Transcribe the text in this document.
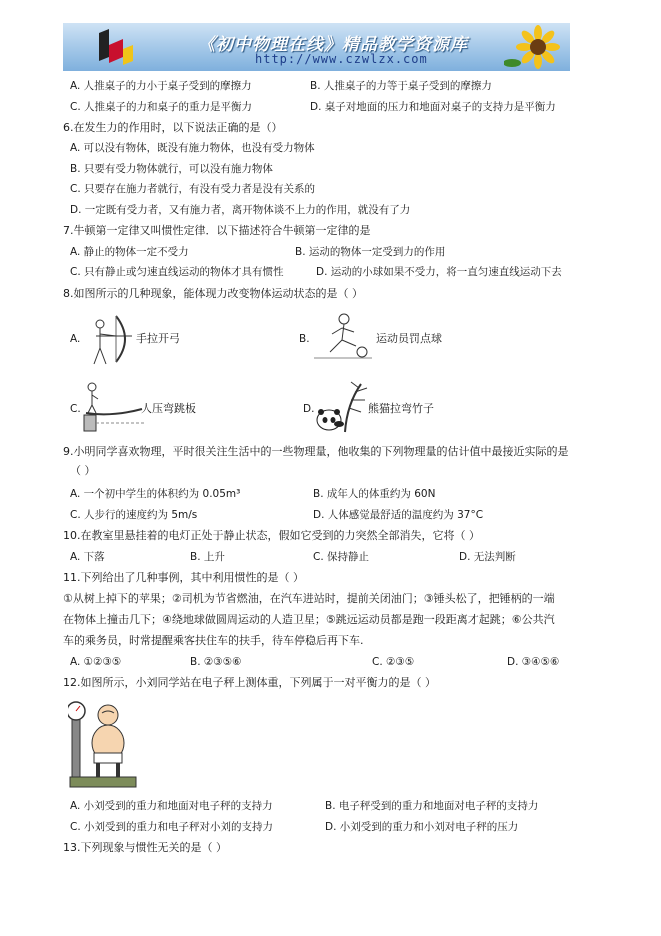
《初中物理在线》精品教学资源库
http://www.czwlzx.com
A. 人推桌子的力小于桌子受到的摩擦力	B. 人推桌子的力等于桌子受到的摩擦力
C. 人推桌子的力和桌子的重力是平衡力	D. 桌子对地面的压力和地面对桌子的支持力是平衡力
6.在发生力的作用时，以下说法正确的是（）
A. 可以没有物体，既没有施力物体，也没有受力物体
B. 只要有受力物体就行，可以没有施力物体
C. 只要存在施力者就行，有没有受力者是没有关系的
D. 一定既有受力者，又有施力者，离开物体谈不上力的作用，就没有了力
7.牛顿第一定律又叫惯性定律．以下描述符合牛顿第一定律的是
A. 静止的物体一定不受力	B. 运动的物体一定受到力的作用
C. 只有静止或匀速直线运动的物体才具有惯性	D. 运动的小球如果不受力，将一直匀速直线运动下去
8.如图所示的几种现象，能体现力改变物体运动状态的是（ ）
A.	手拉开弓	B.	运动员罚点球
C.	人压弯跳板	D.	熊猫拉弯竹子
9.小明同学喜欢物理，平时很关注生活中的一些物理量，他收集的下列物理量的估计值中最接近实际的是
（ ）
A. 一个初中学生的体积约为 0.05m³	B. 成年人的体重约为 60N
C. 人步行的速度约为 5m/s	D. 人体感觉最舒适的温度约为 37°C
10.在教室里悬挂着的电灯正处于静止状态，假如它受到的力突然全部消失，它将（ ）
A. 下落	B. 上升	C. 保持静止	D. 无法判断
11.下列给出了几种事例，其中利用惯性的是（ ）
①从树上掉下的苹果；②司机为节省燃油，在汽车进站时，提前关闭油门；③锤头松了，把锤柄的一端
在物体上撞击几下；④绕地球做圆周运动的人造卫星；⑤跳远运动员都是跑一段距离才起跳；⑥公共汽
车的乘务员，时常提醒乘客扶住车的扶手，待车停稳后再下车.
A. ①②③⑤	B. ②③⑤⑥	C. ②③⑤	D. ③④⑤⑥
12.如图所示，小刘同学站在电子秤上测体重，下列属于一对平衡力的是（ ）
A. 小刘受到的重力和地面对电子秤的支持力	B. 电子秤受到的重力和地面对电子秤的支持力
C. 小刘受到的重力和电子秤对小刘的支持力	D. 小刘受到的重力和小刘对电子秤的压力
13.下列现象与惯性无关的是（ ）
